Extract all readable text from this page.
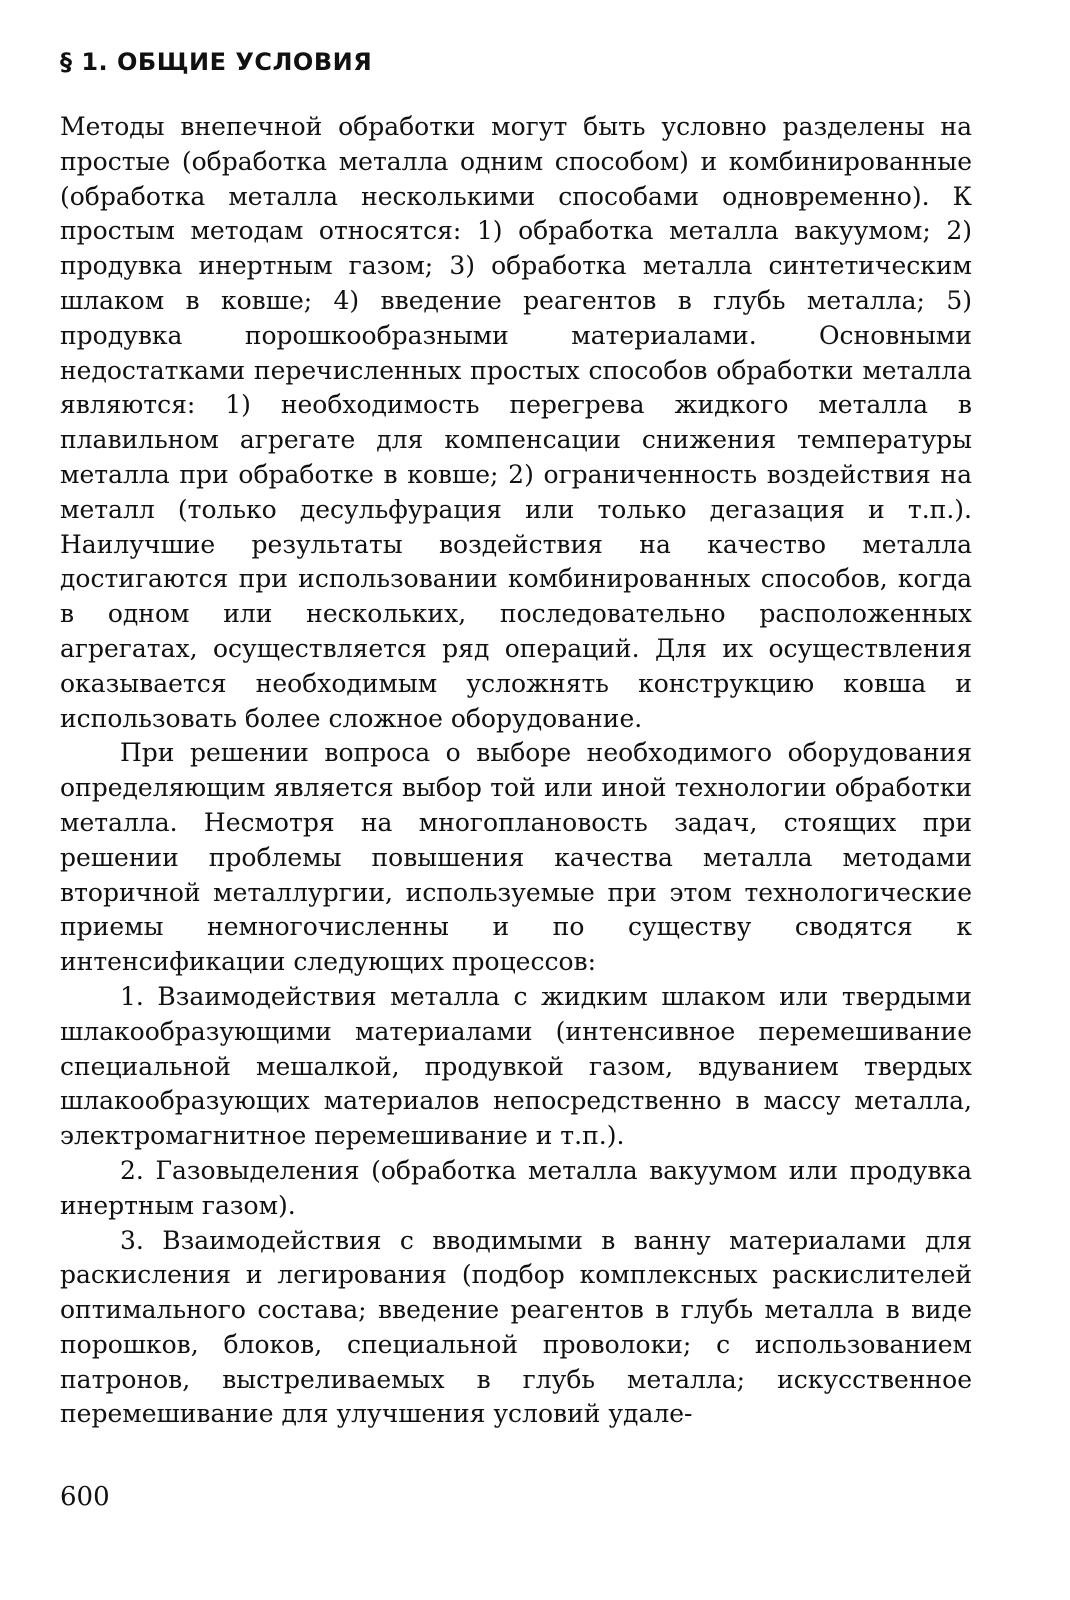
§ 1. ОБЩИЕ УСЛОВИЯ

Методы внепечной обработки могут быть условно разделены на простые (обработка металла одним способом) и комбинированные (обработка металла несколькими способами одновременно). К простым методам относятся: 1) обработка металла вакуумом; 2) продувка инертным газом; 3) обработка металла синтетическим шлаком в ковше; 4) введение реагентов в глубь металла; 5) продувка порошкообразными материалами. Основными недостатками перечисленных простых способов обработки металла являются: 1) необходимость перегрева жидкого металла в плавильном агрегате для компенсации снижения температуры металла при обработке в ковше; 2) ограниченность воздействия на металл (только десульфурация или только дегазация и т.п.). Наилучшие результаты воздействия на качество металла достигаются при использовании комбинированных способов, когда в одном или нескольких, последовательно расположенных агрегатах, осуществляется ряд операций. Для их осуществления оказывается необходимым усложнять конструкцию ковша и использовать более сложное оборудование.

При решении вопроса о выборе необходимого оборудования определяющим является выбор той или иной технологии обработки металла. Несмотря на многоплановость задач, стоящих при решении проблемы повышения качества металла методами вторичной металлургии, используемые при этом технологические приемы немногочисленны и по существу сводятся к интенсификации следующих процессов:

1. Взаимодействия металла с жидким шлаком или твердыми шлакообразующими материалами (интенсивное перемешивание специальной мешалкой, продувкой газом, вдуванием твердых шлакообразующих материалов непосредственно в массу металла, электромагнитное перемешивание и т.п.).

2. Газовыделения (обработка металла вакуумом или продувка инертным газом).

3. Взаимодействия с вводимыми в ванну материалами для раскисления и легирования (подбор комплексных раскислителей оптимального состава; введение реагентов в глубь металла в виде порошков, блоков, специальной проволоки; с использованием патронов, выстреливаемых в глубь металла; искусственное перемешивание для улучшения условий удале-

600
